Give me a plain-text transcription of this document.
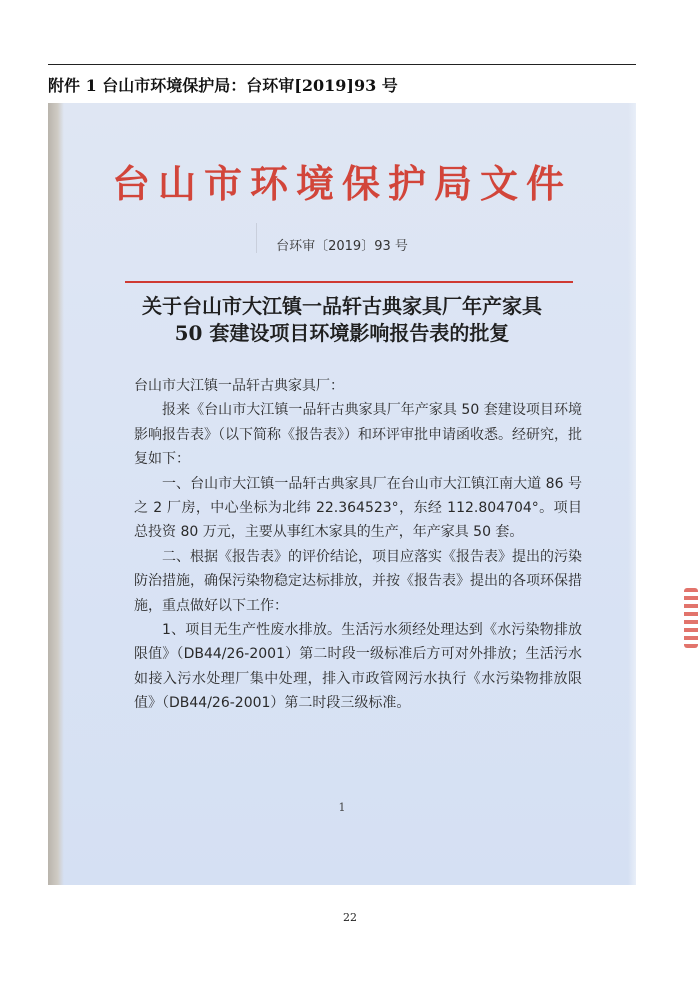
附件 1 台山市环境保护局：台环审[2019]93 号
台山市环境保护局文件
台环审〔2019〕93 号
关于台山市大江镇一品轩古典家具厂年产家具
50 套建设项目环境影响报告表的批复

台山市大江镇一品轩古典家具厂：

报来《台山市大江镇一品轩古典家具厂年产家具 50 套建设项目环境影响报告表》（以下简称《报告表》）和环评审批申请函收悉。经研究，批复如下：

一、台山市大江镇一品轩古典家具厂在台山市大江镇江南大道 86 号之 2 厂房，中心坐标为北纬 22.364523°，东经 112.804704°。项目总投资 80 万元，主要从事红木家具的生产，年产家具 50 套。

二、根据《报告表》的评价结论，项目应落实《报告表》提出的污染防治措施，确保污染物稳定达标排放，并按《报告表》提出的各项环保措施，重点做好以下工作：

1、项目无生产性废水排放。生活污水须经处理达到《水污染物排放限值》（DB44/26-2001）第二时段一级标准后方可对外排放；生活污水如接入污水处理厂集中处理，排入市政管网污水执行《水污染物排放限值》（DB44/26-2001）第二时段三级标准。

1
22
